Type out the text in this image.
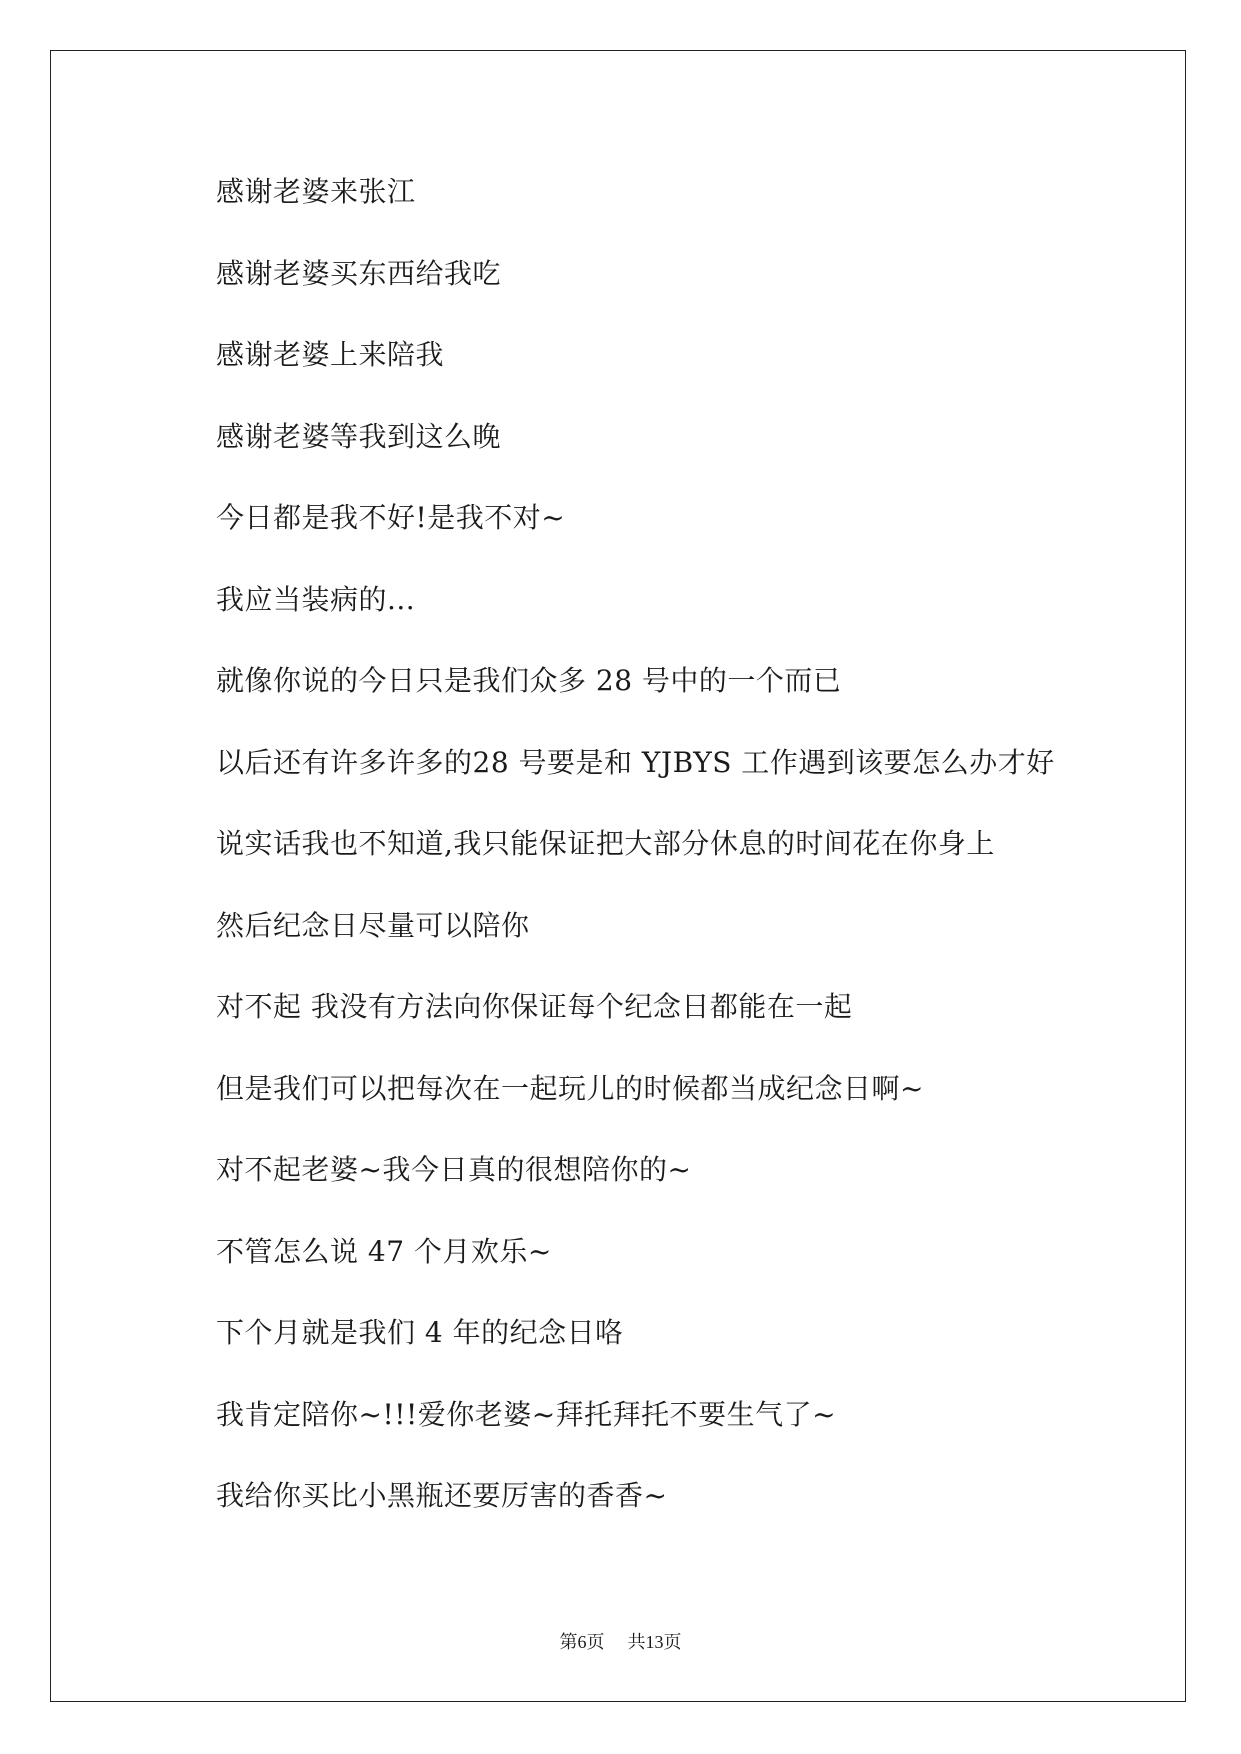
感谢老婆来张江
感谢老婆买东西给我吃
感谢老婆上来陪我
感谢老婆等我到这么晚
今日都是我不好!是我不对~
我应当装病的...
就像你说的今日只是我们众多 28 号中的一个而已
以后还有许多许多的28 号要是和 YJBYS 工作遇到该要怎么办才好
说实话我也不知道,我只能保证把大部分休息的时间花在你身上
然后纪念日尽量可以陪你
对不起 我没有方法向你保证每个纪念日都能在一起
但是我们可以把每次在一起玩儿的时候都当成纪念日啊~
对不起老婆~我今日真的很想陪你的~
不管怎么说 47 个月欢乐~
下个月就是我们 4 年的纪念日咯
我肯定陪你~!!!爱你老婆~拜托拜托不要生气了~
我给你买比小黑瓶还要厉害的香香~
第6页 共13页
